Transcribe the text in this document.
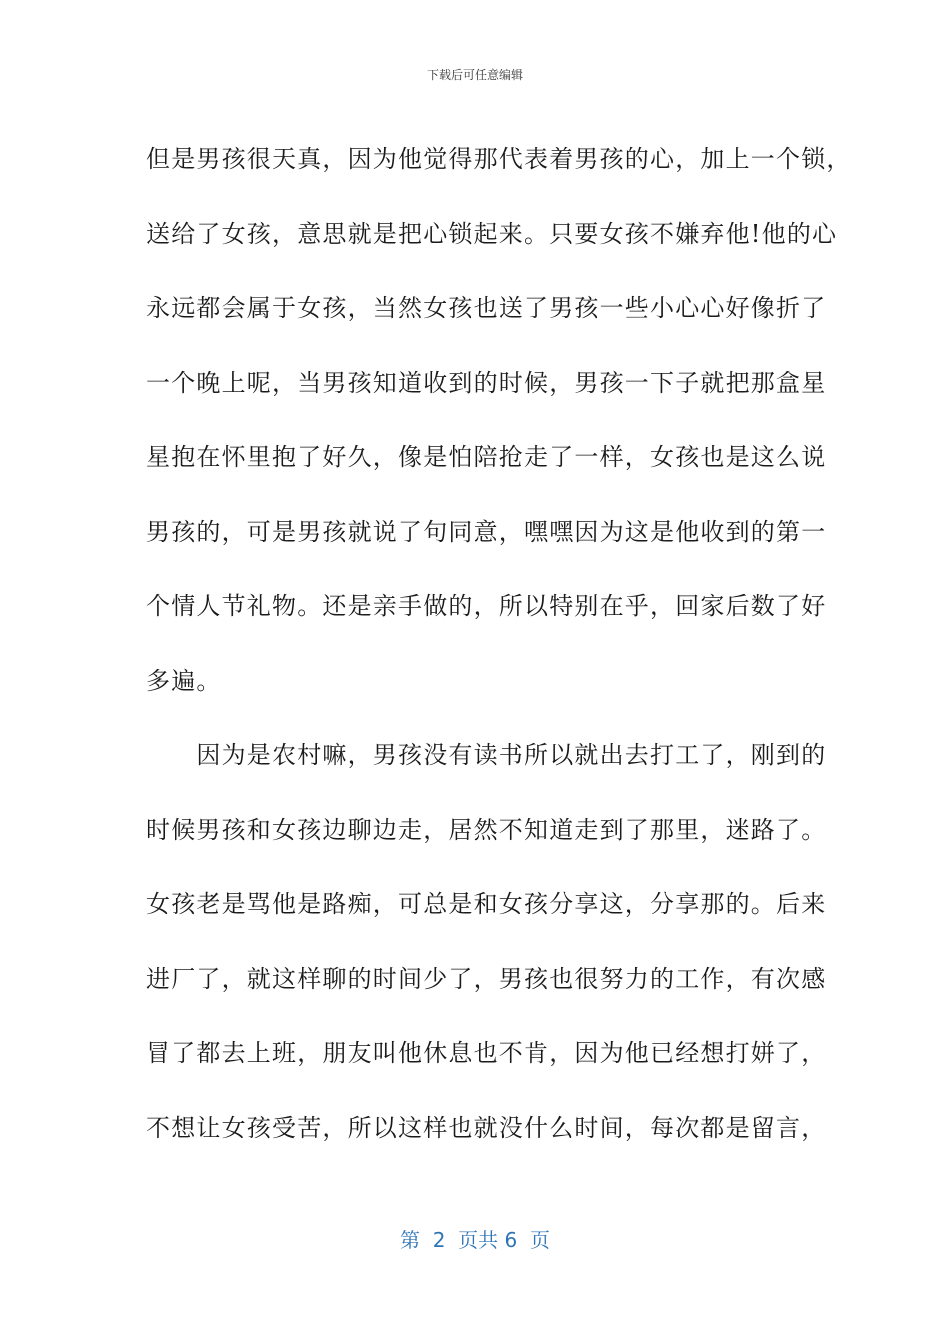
下载后可任意编辑
但是男孩很天真，因为他觉得那代表着男孩的心，加上一个锁，
送给了女孩，意思就是把心锁起来。只要女孩不嫌弃他!他的心
永远都会属于女孩，当然女孩也送了男孩一些小心心好像折了
一个晚上呢，当男孩知道收到的时候，男孩一下子就把那盒星
星抱在怀里抱了好久，像是怕陪抢走了一样，女孩也是这么说
男孩的，可是男孩就说了句同意，嘿嘿因为这是他收到的第一
个情人节礼物。还是亲手做的，所以特别在乎，回家后数了好
多遍。
　　因为是农村嘛，男孩没有读书所以就出去打工了，刚到的
时候男孩和女孩边聊边走，居然不知道走到了那里，迷路了。
女孩老是骂他是路痴，可总是和女孩分享这，分享那的。后来
进厂了，就这样聊的时间少了，男孩也很努力的工作，有次感
冒了都去上班，朋友叫他休息也不肯，因为他已经想打姘了，
不想让女孩受苦，所以这样也就没什么时间，每次都是留言，
第  2  页共 6  页
